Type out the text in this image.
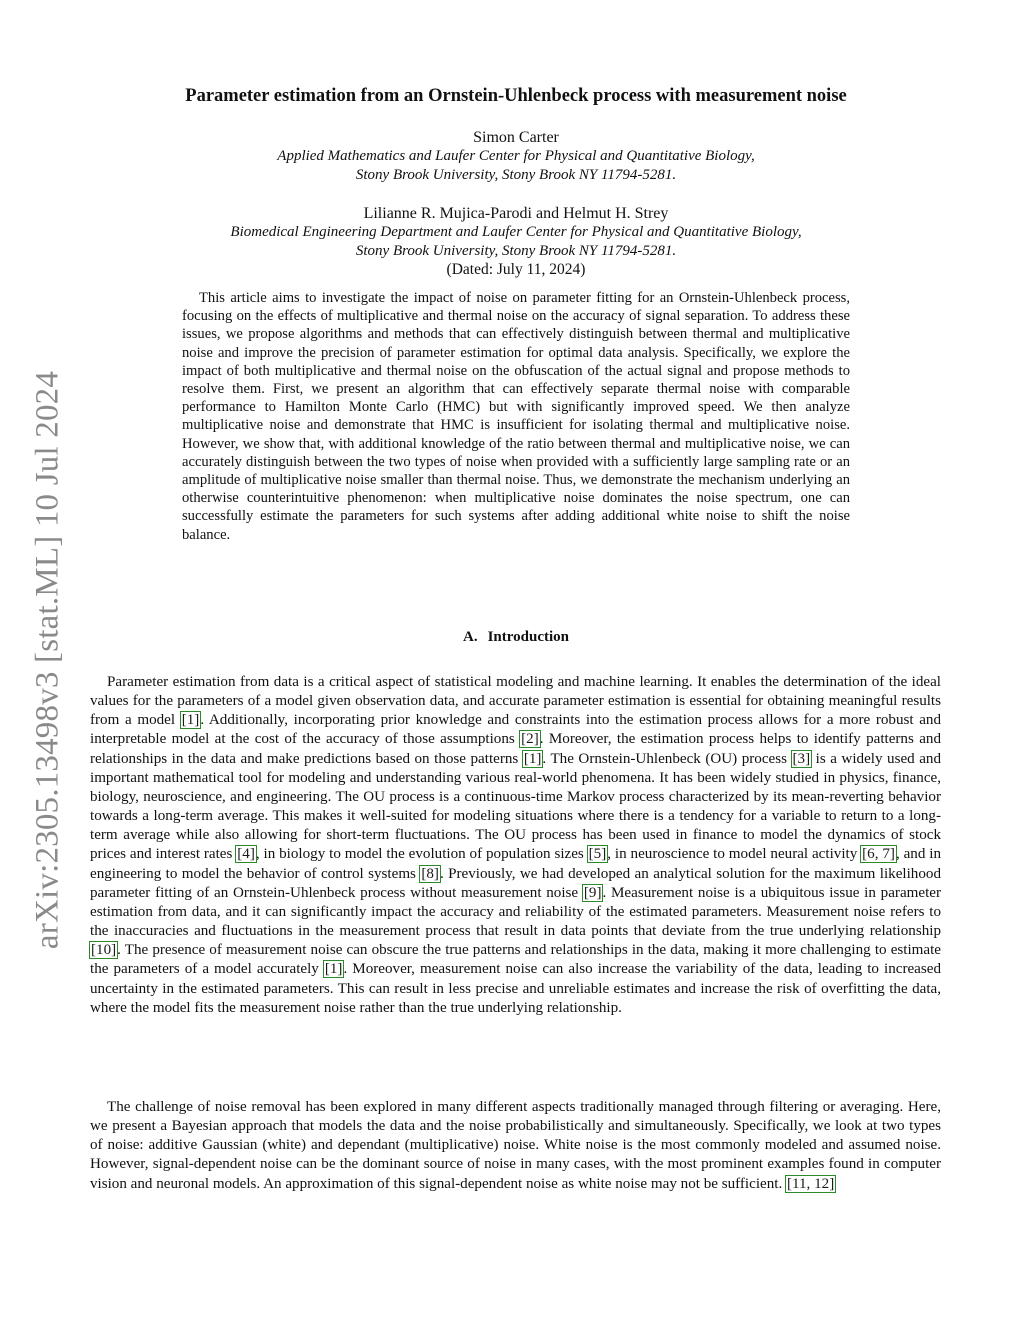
arXiv:2305.13498v3 [stat.ML] 10 Jul 2024
Parameter estimation from an Ornstein-Uhlenbeck process with measurement noise
Simon Carter
Applied Mathematics and Laufer Center for Physical and Quantitative Biology,
Stony Brook University, Stony Brook NY 11794-5281.
Lilianne R. Mujica-Parodi and Helmut H. Strey
Biomedical Engineering Department and Laufer Center for Physical and Quantitative Biology,
Stony Brook University, Stony Brook NY 11794-5281.
(Dated: July 11, 2024)

This article aims to investigate the impact of noise on parameter fitting for an Ornstein-Uhlenbeck process, focusing on the effects of multiplicative and thermal noise on the accuracy of signal separation. To address these issues, we propose algorithms and methods that can effectively distinguish between thermal and multiplicative noise and improve the precision of parameter estimation for optimal data analysis. Specifically, we explore the impact of both multiplicative and thermal noise on the obfuscation of the actual signal and propose methods to resolve them. First, we present an algorithm that can effectively separate thermal noise with comparable performance to Hamilton Monte Carlo (HMC) but with significantly improved speed. We then analyze multiplicative noise and demonstrate that HMC is insufficient for isolating thermal and multiplicative noise. However, we show that, with additional knowledge of the ratio between thermal and multiplicative noise, we can accurately distinguish between the two types of noise when provided with a sufficiently large sampling rate or an amplitude of multiplicative noise smaller than thermal noise. Thus, we demonstrate the mechanism underlying an otherwise counterintuitive phenomenon: when multiplicative noise dominates the noise spectrum, one can successfully estimate the parameters for such systems after adding additional white noise to shift the noise balance.

A. Introduction

Parameter estimation from data is a critical aspect of statistical modeling and machine learning. It enables the determination of the ideal values for the parameters of a model given observation data, and accurate parameter estimation is essential for obtaining meaningful results from a model [1]. Additionally, incorporating prior knowledge and constraints into the estimation process allows for a more robust and interpretable model at the cost of the accuracy of those assumptions [2]. Moreover, the estimation process helps to identify patterns and relationships in the data and make predictions based on those patterns [1]. The Ornstein-Uhlenbeck (OU) process [3] is a widely used and important mathematical tool for modeling and understanding various real-world phenomena. It has been widely studied in physics, finance, biology, neuroscience, and engineering. The OU process is a continuous-time Markov process characterized by its mean-reverting behavior towards a long-term average. This makes it well-suited for modeling situations where there is a tendency for a variable to return to a long-term average while also allowing for short-term fluctuations. The OU process has been used in finance to model the dynamics of stock prices and interest rates [4], in biology to model the evolution of population sizes [5], in neuroscience to model neural activity [6, 7], and in engineering to model the behavior of control systems [8]. Previously, we had developed an analytical solution for the maximum likelihood parameter fitting of an Ornstein-Uhlenbeck process without measurement noise [9]. Measurement noise is a ubiquitous issue in parameter estimation from data, and it can significantly impact the accuracy and reliability of the estimated parameters. Measurement noise refers to the inaccuracies and fluctuations in the measurement process that result in data points that deviate from the true underlying relationship [10]. The presence of measurement noise can obscure the true patterns and relationships in the data, making it more challenging to estimate the parameters of a model accurately [1]. Moreover, measurement noise can also increase the variability of the data, leading to increased uncertainty in the estimated parameters. This can result in less precise and unreliable estimates and increase the risk of overfitting the data, where the model fits the measurement noise rather than the true underlying relationship.

The challenge of noise removal has been explored in many different aspects traditionally managed through filtering or averaging. Here, we present a Bayesian approach that models the data and the noise probabilistically and simultaneously. Specifically, we look at two types of noise: additive Gaussian (white) and dependant (multiplicative) noise. White noise is the most commonly modeled and assumed noise. However, signal-dependent noise can be the dominant source of noise in many cases, with the most prominent examples found in computer vision and neuronal models. An approximation of this signal-dependent noise as white noise may not be sufficient. [11, 12]
